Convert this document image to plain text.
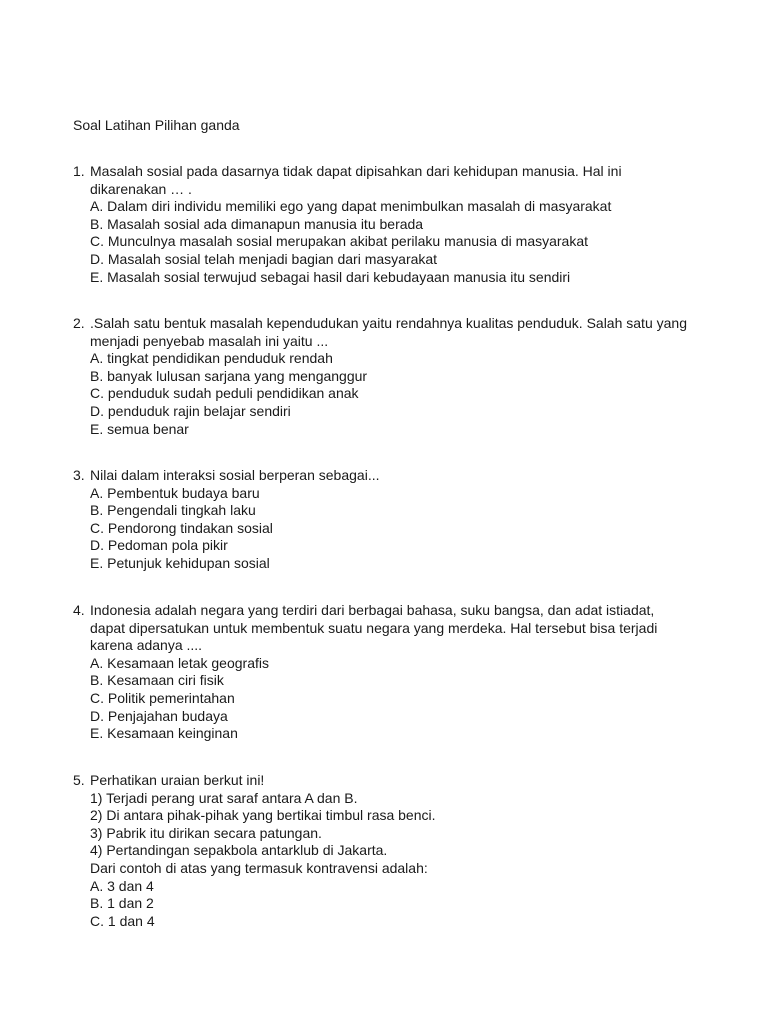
Soal Latihan Pilihan ganda
1. Masalah sosial pada dasarnya tidak dapat dipisahkan dari kehidupan manusia. Hal ini
dikarenakan … .
A. Dalam diri individu memiliki ego yang dapat menimbulkan masalah di masyarakat
B. Masalah sosial ada dimanapun manusia itu berada
C. Munculnya masalah sosial merupakan akibat perilaku manusia di masyarakat
D. Masalah sosial telah menjadi bagian dari masyarakat
E. Masalah sosial terwujud sebagai hasil dari kebudayaan manusia itu sendiri
2. .Salah satu bentuk masalah kependudukan yaitu rendahnya kualitas penduduk. Salah satu yang
menjadi penyebab masalah ini yaitu ...
A. tingkat pendidikan penduduk rendah
B. banyak lulusan sarjana yang menganggur
C. penduduk sudah peduli pendidikan anak
D. penduduk rajin belajar sendiri
E. semua benar
3. Nilai dalam interaksi sosial berperan sebagai...
A. Pembentuk budaya baru
B. Pengendali tingkah laku
C. Pendorong tindakan sosial
D. Pedoman pola pikir
E. Petunjuk kehidupan sosial
4. Indonesia adalah negara yang terdiri dari berbagai bahasa, suku bangsa, dan adat istiadat,
dapat dipersatukan untuk membentuk suatu negara yang merdeka. Hal tersebut bisa terjadi
karena adanya ....
A. Kesamaan letak geografis
B. Kesamaan ciri fisik
C. Politik pemerintahan
D. Penjajahan budaya
E. Kesamaan keinginan
5. Perhatikan uraian berkut ini!
1) Terjadi perang urat saraf antara A dan B.
2) Di antara pihak-pihak yang bertikai timbul rasa benci.
3) Pabrik itu dirikan secara patungan.
4) Pertandingan sepakbola antarklub di Jakarta.
Dari contoh di atas yang termasuk kontravensi adalah:
A. 3 dan 4
B. 1 dan 2
C. 1 dan 4
